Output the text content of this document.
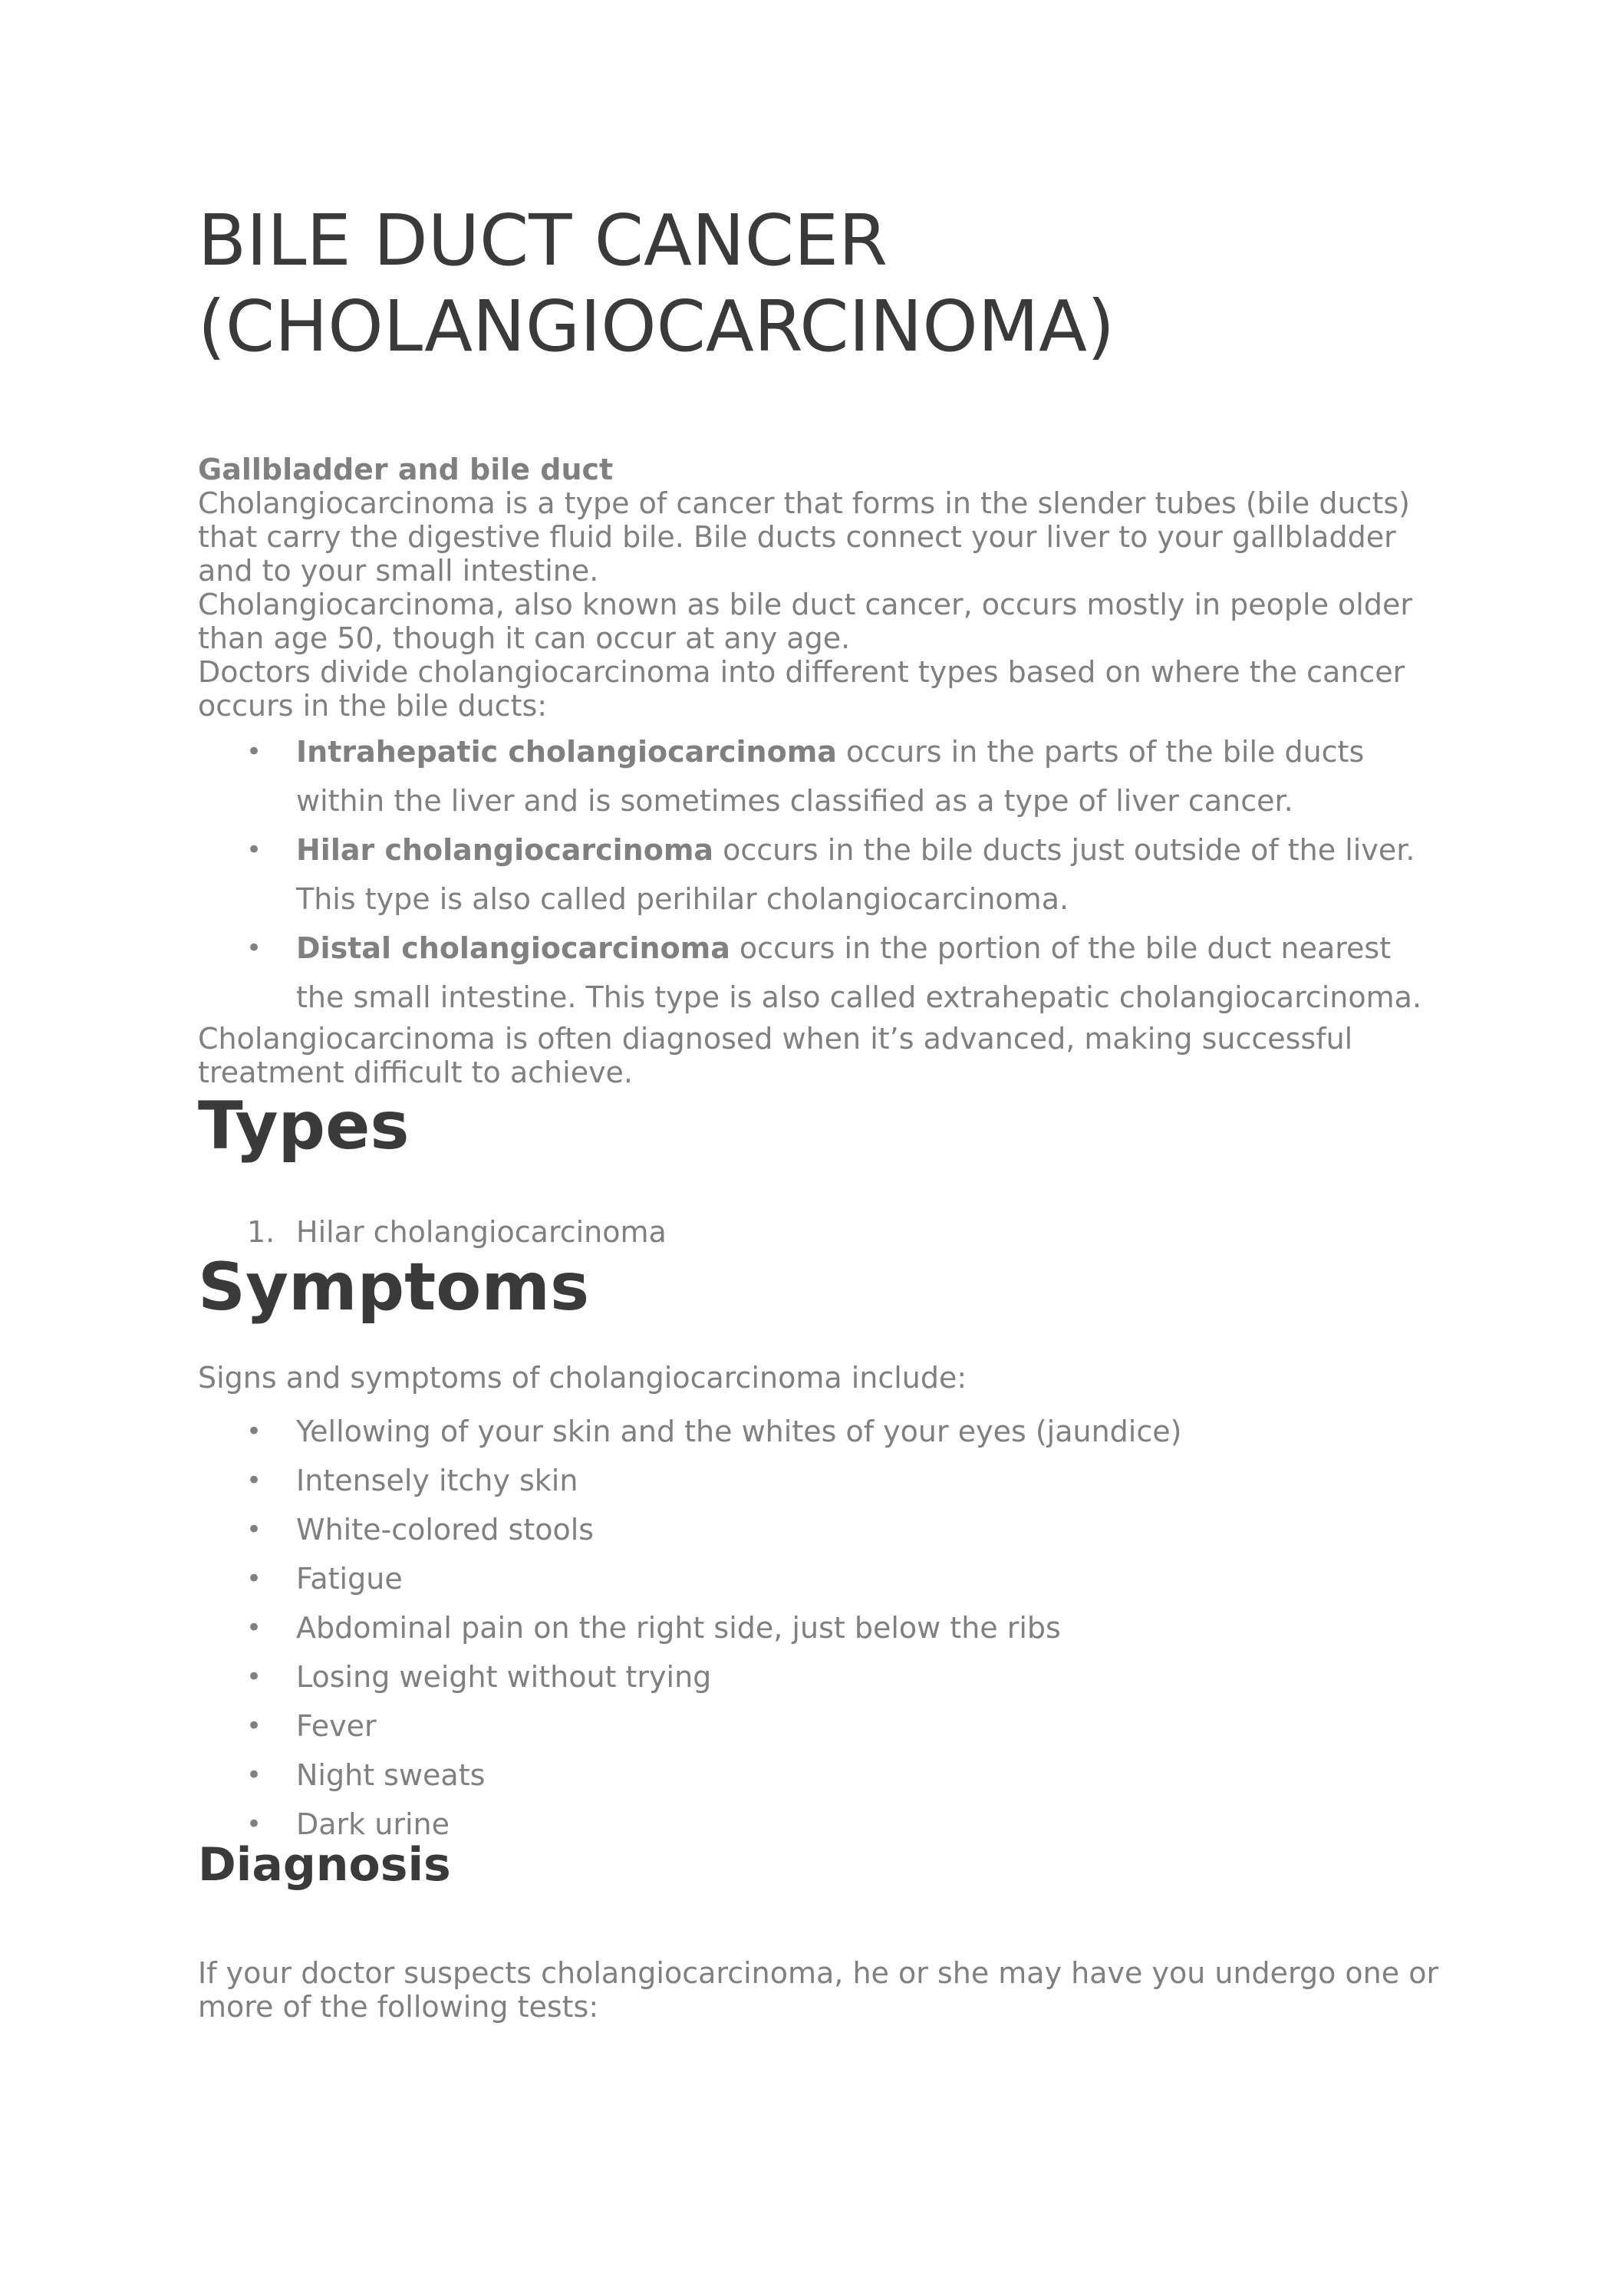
BILE DUCT CANCER (CHOLANGIOCARCINOMA)

Gallbladder and bile duct

Cholangiocarcinoma is a type of cancer that forms in the slender tubes (bile ducts) that carry the digestive fluid bile. Bile ducts connect your liver to your gallbladder and to your small intestine.

Cholangiocarcinoma, also known as bile duct cancer, occurs mostly in people older than age 50, though it can occur at any age.

Doctors divide cholangiocarcinoma into different types based on where the cancer occurs in the bile ducts:

• Intrahepatic cholangiocarcinoma occurs in the parts of the bile ducts within the liver and is sometimes classified as a type of liver cancer.
• Hilar cholangiocarcinoma occurs in the bile ducts just outside of the liver. This type is also called perihilar cholangiocarcinoma.
• Distal cholangiocarcinoma occurs in the portion of the bile duct nearest the small intestine. This type is also called extrahepatic cholangiocarcinoma.

Cholangiocarcinoma is often diagnosed when it’s advanced, making successful treatment difficult to achieve.

Types
1. Hilar cholangiocarcinoma
Symptoms

Signs and symptoms of cholangiocarcinoma include:

• Yellowing of your skin and the whites of your eyes (jaundice)
• Intensely itchy skin
• White-colored stools
• Fatigue
• Abdominal pain on the right side, just below the ribs
• Losing weight without trying
• Fever
• Night sweats
• Dark urine
Diagnosis

If your doctor suspects cholangiocarcinoma, he or she may have you undergo one or more of the following tests:
